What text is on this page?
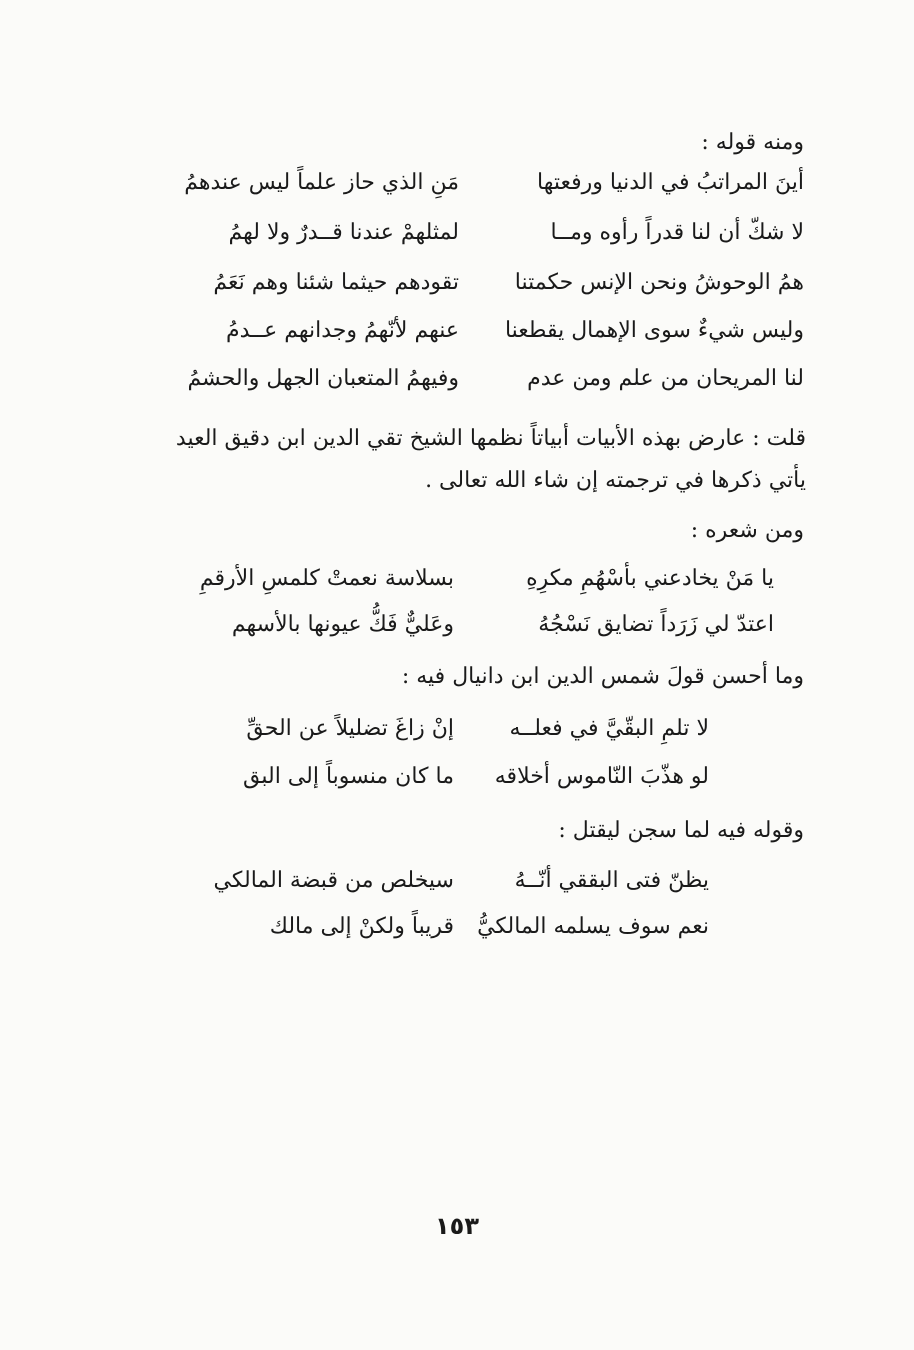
ومنه قوله :
أينَ المراتبُ في الدنيا ورفعتها
مَنِ الذي حاز علماً ليس عندهمُ
لا شكّ أن لنا قدراً رأوه ومــا
لمثلهمْ عندنا قــدرٌ ولا لهمُ
همُ الوحوشُ ونحن الإنس حكمتنا
تقودهم حيثما شئنا وهم نَعَمُ
وليس شيءٌ سوى الإهمال يقطعنا
عنهم لأنّهمُ وجدانهم عــدمُ
لنا المريحان من علم ومن عدم
وفيهمُ المتعبان الجهل والحشمُ
قلت : عارض بهذه الأبيات أبياتاً نظمها الشيخ تقي الدين ابن دقيق العيد
يأتي ذكرها في ترجمته إن شاء الله تعالى .
ومن شعره :
يا مَنْ يخادعني بأسْهُمِ مكرِهِ
بسلاسة نعمتْ كلمسِ الأرقمِ
اعتدّ لي زَرَداً تضايق نَسْجُهُ
وعَليٌّ فَكُّ عيونها بالأسهم
وما أحسن قولَ شمس الدين ابن دانيال فيه :
لا تلمِ البقّيَّ في فعلــه
إنْ زاغَ تضليلاً عن الحقِّ
لو هذّبَ النّاموس أخلاقه
ما كان منسوباً إلى البق
وقوله فيه لما سجن ليقتل :
يظنّ فتى البققي أنّــهُ
سيخلص من قبضة المالكي
نعم سوف يسلمه المالكيُّ
قريباً ولكنْ إلى مالك
١٥٣
